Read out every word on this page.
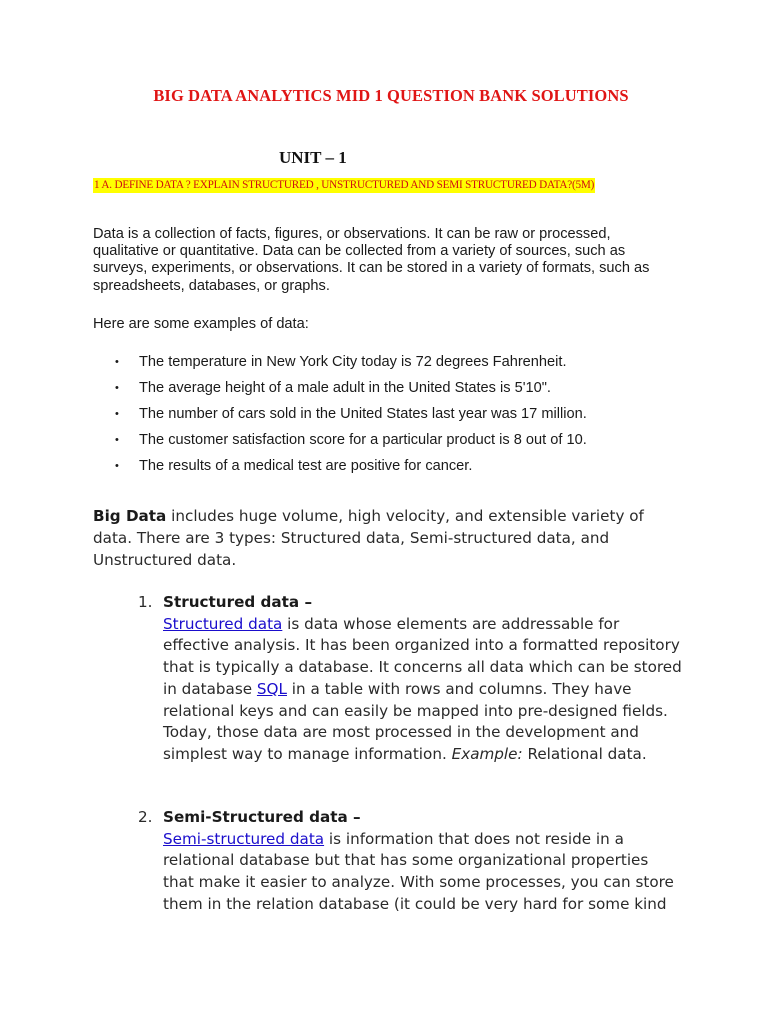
BIG DATA ANALYTICS MID 1 QUESTION BANK SOLUTIONS
UNIT – 1
1 A. DEFINE DATA ? EXPLAIN STRUCTURED , UNSTRUCTURED AND SEMI STRUCTURED DATA?(5M)
Data is a collection of facts, figures, or observations. It can be raw or processed, qualitative or quantitative. Data can be collected from a variety of sources, such as surveys, experiments, or observations. It can be stored in a variety of formats, such as spreadsheets, databases, or graphs.
Here are some examples of data:
• The temperature in New York City today is 72 degrees Fahrenheit.
• The average height of a male adult in the United States is 5'10".
• The number of cars sold in the United States last year was 17 million.
• The customer satisfaction score for a particular product is 8 out of 10.
• The results of a medical test are positive for cancer.
Big Data includes huge volume, high velocity, and extensible variety of data. There are 3 types: Structured data, Semi-structured data, and Unstructured data.
1. Structured data –
Structured data is data whose elements are addressable for effective analysis. It has been organized into a formatted repository that is typically a database. It concerns all data which can be stored in database SQL in a table with rows and columns. They have relational keys and can easily be mapped into pre-designed fields. Today, those data are most processed in the development and simplest way to manage information. Example: Relational data.
2. Semi-Structured data –
Semi-structured data is information that does not reside in a relational database but that has some organizational properties that make it easier to analyze. With some processes, you can store them in the relation database (it could be very hard for some kind
